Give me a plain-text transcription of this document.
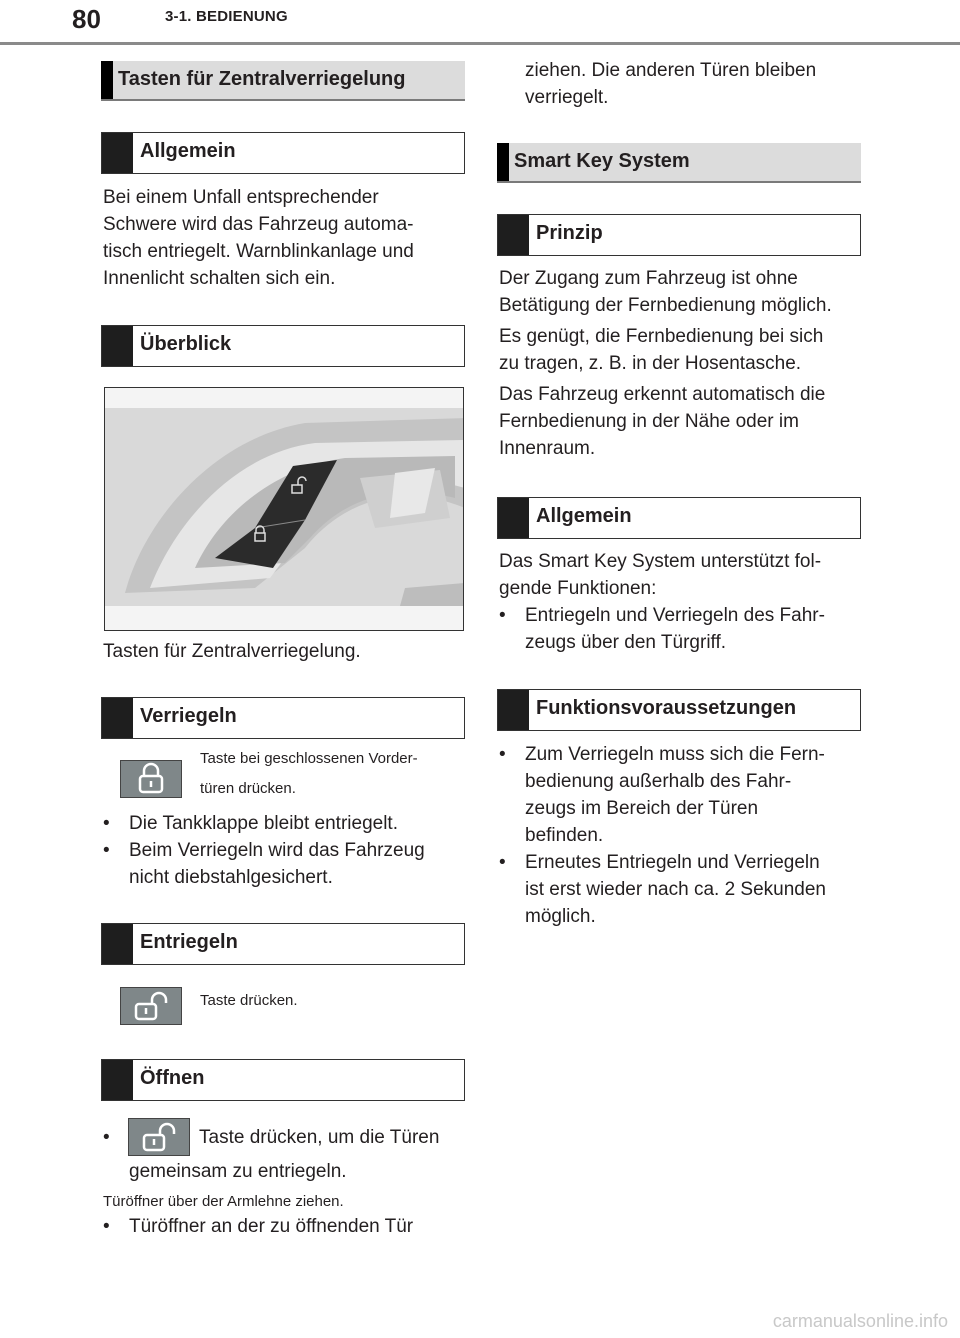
80	3-1. BEDIENUNG
Tasten für Zentralverriegelung
Allgemein
Bei einem Unfall entsprechender
Schwere wird das Fahrzeug automa-
tisch entriegelt. Warnblinkanlage und
Innenlicht schalten sich ein.
Überblick
Tasten für Zentralverriegelung.
Verriegeln
Taste bei geschlossenen Vorder-
türen drücken.
• Die Tankklappe bleibt entriegelt.
• Beim Verriegeln wird das Fahrzeug
nicht diebstahlgesichert.
Entriegeln
Taste drücken.
Öffnen
•	Taste drücken, um die Türen
gemeinsam zu entriegeln.
Türöffner über der Armlehne ziehen.
• Türöffner an der zu öffnenden Tür
ziehen. Die anderen Türen bleiben
verriegelt.
Smart Key System
Prinzip
Der Zugang zum Fahrzeug ist ohne
Betätigung der Fernbedienung möglich.
Es genügt, die Fernbedienung bei sich
zu tragen, z. B. in der Hosentasche.
Das Fahrzeug erkennt automatisch die
Fernbedienung in der Nähe oder im
Innenraum.
Allgemein
Das Smart Key System unterstützt fol-
gende Funktionen:
• Entriegeln und Verriegeln des Fahr-
zeugs über den Türgriff.
Funktionsvoraussetzungen
• Zum Verriegeln muss sich die Fern-
bedienung außerhalb des Fahr-
zeugs im Bereich der Türen
befinden.
• Erneutes Entriegeln und Verriegeln
ist erst wieder nach ca. 2 Sekunden
möglich.
carmanualsonline.info
